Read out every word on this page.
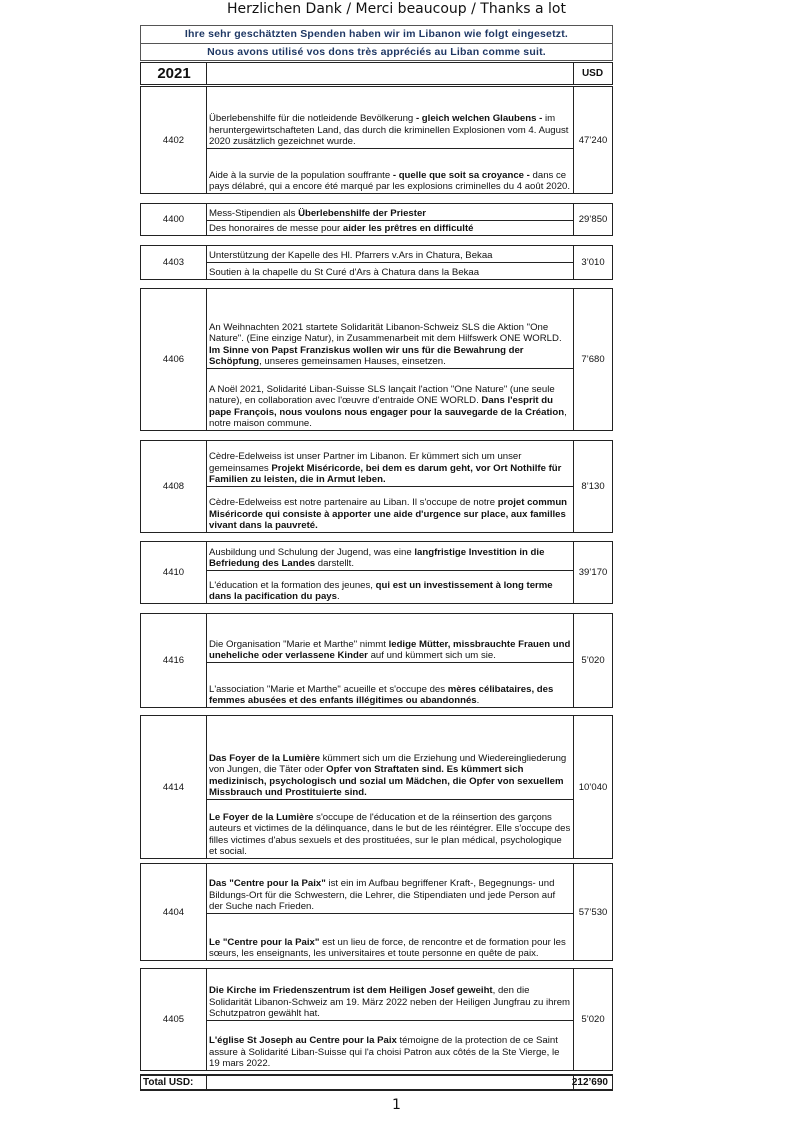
Herzlichen Dank / Merci beaucoup / Thanks a lot
Ihre sehr geschätzten Spenden haben wir im Libanon wie folgt eingesetzt.
Nous avons utilisé vos dons très appréciés au Liban comme suit.
2021	USD
4402
Überlebenshilfe für die notleidende Bevölkerung - gleich welchen Glaubens - im heruntergewirtschafteten Land, das durch die kriminellen Explosionen vom 4. August 2020 zusätzlich gezeichnet wurde.
Aide à la survie de la population souffrante - quelle que soit sa croyance - dans ce pays délabré, qui a encore été marqué par les explosions criminelles du 4 août 2020.
47’240
4400
Mess-Stipendien als Überlebenshilfe der Priester
Des honoraires de messe pour aider les prêtres en difficulté
29’850
4403
Unterstützung der Kapelle des Hl. Pfarrers v.Ars in Chatura, Bekaa
Soutien à la chapelle du St Curé d'Ars à Chatura dans la Bekaa
3’010
4406
An Weihnachten 2021 startete Solidarität Libanon-Schweiz SLS die Aktion "One Nature". (Eine einzige Natur), in Zusammenarbeit mit dem Hilfswerk ONE WORLD. Im Sinne von Papst Franziskus wollen wir uns für die Bewahrung der Schöpfung, unseres gemeinsamen Hauses, einsetzen.
A Noël 2021, Solidarité Liban-Suisse SLS lançait l'action "One Nature" (une seule nature), en collaboration avec l'œuvre d'entraide ONE WORLD. Dans l'esprit du pape François, nous voulons nous engager pour la sauvegarde de la Création, notre maison commune.
7’680
4408
Cèdre-Edelweiss ist unser Partner im Libanon. Er kümmert sich um unser gemeinsames Projekt Miséricorde, bei dem es darum geht, vor Ort Nothilfe für Familien zu leisten, die in Armut leben.
Cèdre-Edelweiss est notre partenaire au Liban. Il s'occupe de notre projet commun Miséricorde qui consiste à apporter une aide d'urgence sur place, aux familles vivant dans la pauvreté.
8’130
4410
Ausbildung und Schulung der Jugend, was eine langfristige Investition in die Befriedung des Landes darstellt.
L'éducation et la formation des jeunes, qui est un investissement à long terme dans la pacification du pays.
39’170
4416
Die Organisation "Marie et Marthe" nimmt ledige Mütter, missbrauchte Frauen und uneheliche oder verlassene Kinder auf und kümmert sich um sie.
L'association "Marie et Marthe" acueille et s'occupe des mères célibataires, des femmes abusées et des enfants illégitimes ou abandonnés.
5’020
4414
Das Foyer de la Lumière kümmert sich um die Erziehung und Wiedereingliederung von Jungen, die Täter oder Opfer von Straftaten sind. Es kümmert sich medizinisch, psychologisch und sozial um Mädchen, die Opfer von sexuellem Missbrauch und Prostituierte sind.
Le Foyer de la Lumière s'occupe de l'éducation et de la réinsertion des garçons auteurs et victimes de la délinquance, dans le but de les réintégrer. Elle s'occupe des filles victimes d'abus sexuels et des prostituées, sur le plan médical, psychologique et social.
10’040
4404
Das "Centre pour la Paix" ist ein im Aufbau begriffener Kraft-, Begegnungs- und Bildungs-Ort für die Schwestern, die Lehrer, die Stipendiaten und jede Person auf der Suche nach Frieden.
Le "Centre pour la Paix" est un lieu de force, de rencontre et de formation pour les sœurs, les enseignants, les universitaires et toute personne en quête de paix.
57’530
4405
Die Kirche im Friedenszentrum ist dem Heiligen Josef geweiht, den die Solidarität Libanon-Schweiz am 19. März 2022 neben der Heiligen Jungfrau zu ihrem Schutzpatron gewählt hat.
L'église St Joseph au Centre pour la Paix témoigne de la protection de ce Saint assure à Solidarité Liban-Suisse qui l'a choisi Patron aux côtés de la Ste Vierge, le 19 mars 2022.
5’020
Total USD:	212’690
1
